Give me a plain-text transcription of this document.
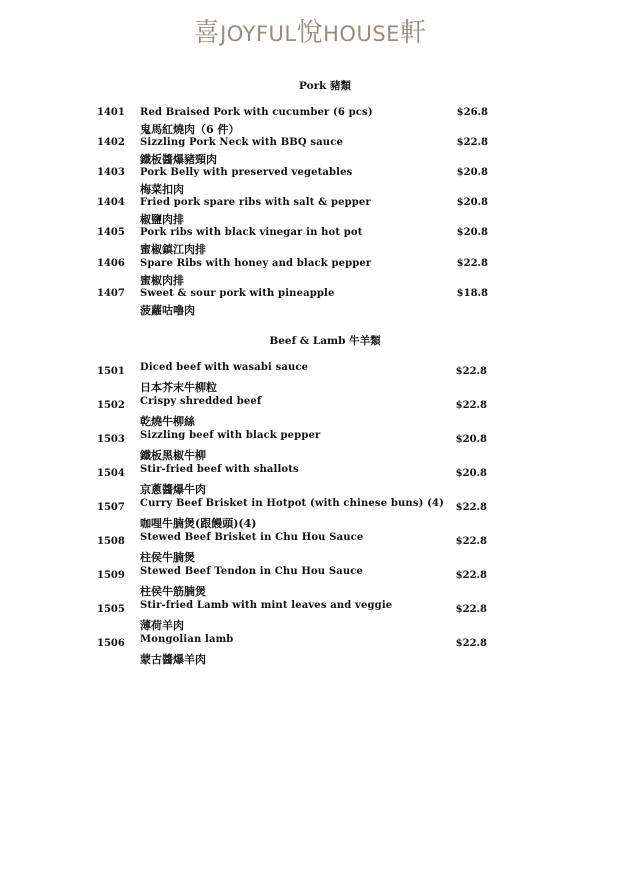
喜JOYFUL悅HOUSE軒
Pork 豬類
1401 Red Braised Pork with cucumber (6 pcs)
鬼馬紅燒肉（6 件）
$26.8
1402 Sizzling Pork Neck with BBQ sauce
鐵板醬爆豬頸肉
$22.8
1403 Pork Belly with preserved vegetables
梅菜扣肉
$20.8
1404 Fried pork spare ribs with salt & pepper
椒鹽肉排
$20.8
1405 Pork ribs with black vinegar in hot pot
蜜椒鎮江肉排
$20.8
1406 Spare Ribs with honey and black pepper
蜜椒肉排
$22.8
1407 Sweet & sour pork with pineapple
菠蘿咕嚕肉
$18.8
Beef & Lamb 牛羊類
1501 Diced beef with wasabi sauce
日本芥末牛柳粒
$22.8
1502 Crispy shredded beef
乾燒牛柳絲
$22.8
1503 Sizzling beef with black pepper
鐵板黑椒牛柳
$20.8
1504 Stir-fried beef with shallots
京蔥醬爆牛肉
$20.8
1507 Curry Beef Brisket in Hotpot (with chinese buns) (4)
咖哩牛腩煲(跟饅頭)(4)
$22.8
1508 Stewed Beef Brisket in Chu Hou Sauce
柱侯牛腩煲
$22.8
1509 Stewed Beef Tendon in Chu Hou Sauce
柱侯牛筋腩煲
$22.8
1505 Stir-fried Lamb with mint leaves and veggie
薄荷羊肉
$22.8
1506 Mongolian lamb
蒙古醬爆羊肉
$22.8
